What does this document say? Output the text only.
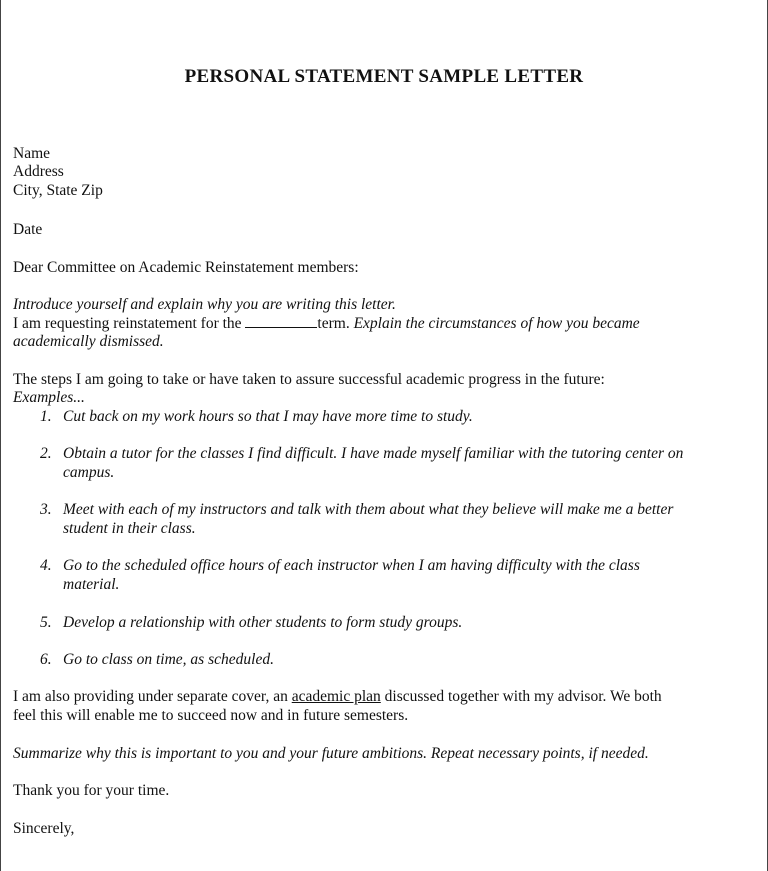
PERSONAL STATEMENT SAMPLE LETTER
Name
Address
City, State Zip
Date
Dear Committee on Academic Reinstatement members:
Introduce yourself and explain why you are writing this letter.
I am requesting reinstatement for the	term. Explain the circumstances of how you became
academically dismissed.
The steps I am going to take or have taken to assure successful academic progress in the future:
Examples...
1. Cut back on my work hours so that I may have more time to study.
2. Obtain a tutor for the classes I find difficult. I have made myself familiar with the tutoring center on
campus.
3. Meet with each of my instructors and talk with them about what they believe will make me a better
student in their class.
4. Go to the scheduled office hours of each instructor when I am having difficulty with the class
material.
5. Develop a relationship with other students to form study groups.
6. Go to class on time, as scheduled.
I am also providing under separate cover, an academic plan discussed together with my advisor. We both
feel this will enable me to succeed now and in future semesters.
Summarize why this is important to you and your future ambitions. Repeat necessary points, if needed.
Thank you for your time.
Sincerely,
